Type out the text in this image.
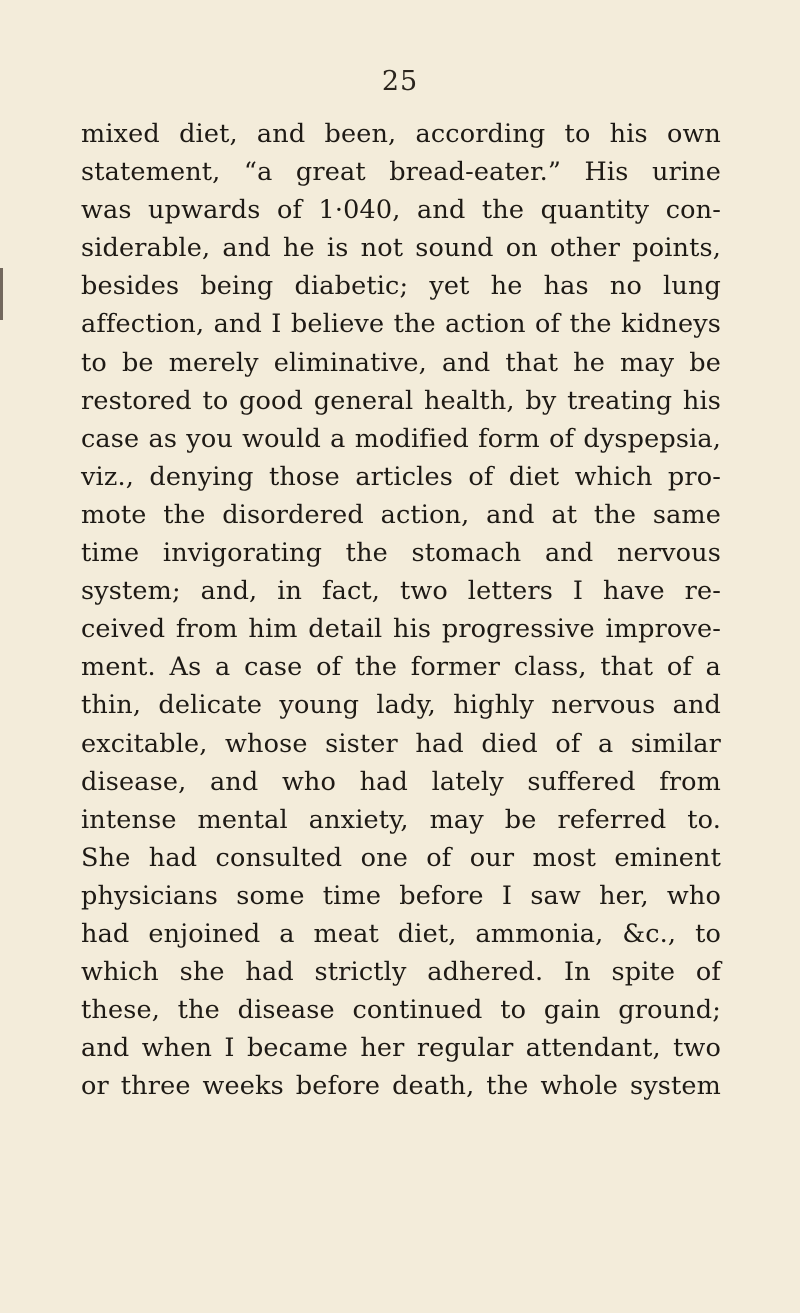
25
mixed diet, and been, according to his own
statement, “a great bread-eater.” His urine
was upwards of 1·040, and the quantity con-
siderable, and he is not sound on other points,
besides being diabetic; yet he has no lung
affection, and I believe the action of the kidneys
to be merely eliminative, and that he may be
restored to good general health, by treating his
case as you would a modified form of dyspepsia,
viz., denying those articles of diet which pro-
mote the disordered action, and at the same
time invigorating the stomach and nervous
system; and, in fact, two letters I have re-
ceived from him detail his progressive improve-
ment. As a case of the former class, that of a
thin, delicate young lady, highly nervous and
excitable, whose sister had died of a similar
disease, and who had lately suffered from
intense mental anxiety, may be referred to.
She had consulted one of our most eminent
physicians some time before I saw her, who
had enjoined a meat diet, ammonia, &c., to
which she had strictly adhered. In spite of
these, the disease continued to gain ground;
and when I became her regular attendant, two
or three weeks before death, the whole system
